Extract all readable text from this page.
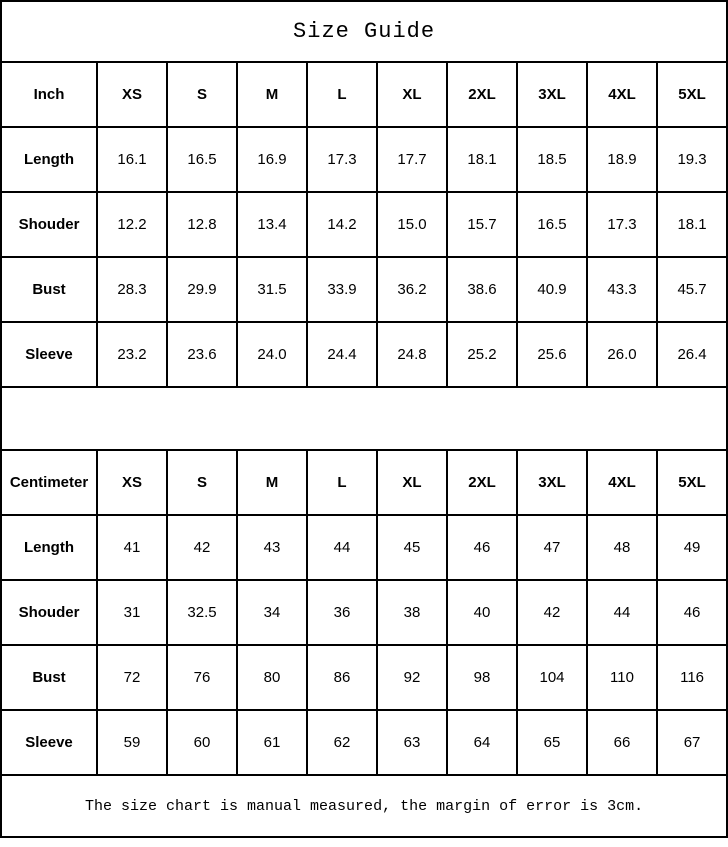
Size Guide									
Inch	XS	S	M	L	XL	2XL	3XL	4XL	5XL
Length	16.1	16.5	16.9	17.3	17.7	18.1	18.5	18.9	19.3
Shouder	12.2	12.8	13.4	14.2	15.0	15.7	16.5	17.3	18.1
Bust	28.3	29.9	31.5	33.9	36.2	38.6	40.9	43.3	45.7
Sleeve	23.2	23.6	24.0	24.4	24.8	25.2	25.6	26.0	26.4

Centimeter	XS	S	M	L	XL	2XL	3XL	4XL	5XL
Length	41	42	43	44	45	46	47	48	49
Shouder	31	32.5	34	36	38	40	42	44	46
Bust	72	76	80	86	92	98	104	110	116
Sleeve	59	60	61	62	63	64	65	66	67
The size chart is manual measured, the margin of error is 3cm.									
